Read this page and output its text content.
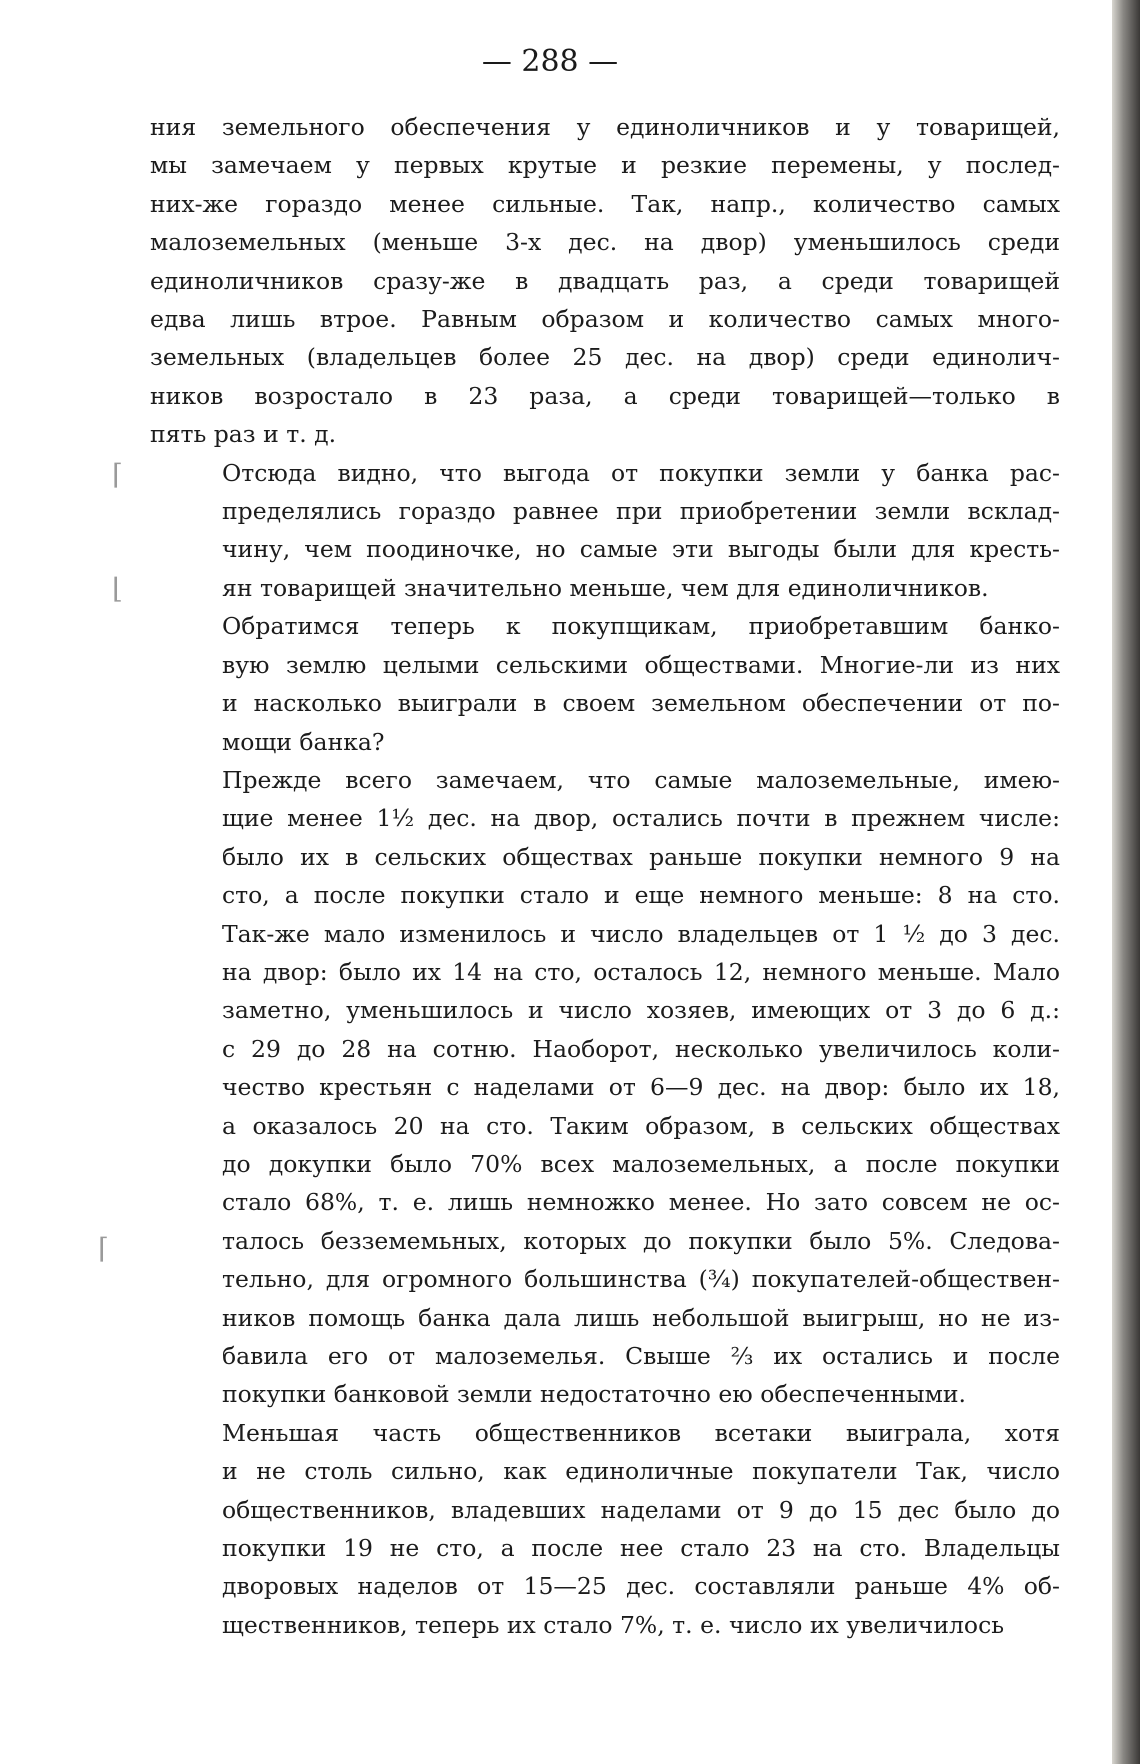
— 288 —
ния земельного обеспечения у единоличников и у товарищей,
мы замечаем у первых крутые и резкие перемены, у послед-
них-же гораздо менее сильные. Так, напр., количество самых
малоземельных (меньше 3-х дес. на двор) уменьшилось среди
единоличников сразу-же в двадцать раз, а среди товарищей
едва лишь втрое. Равным образом и количество самых много-
земельных (владельцев более 25 дес. на двор) среди единолич-
ников возростало в 23 раза, а среди товарищей—только в
пять раз и т. д.
Отсюда видно, что выгода от покупки земли у банка рас-
пределялись гораздо равнее при приобретении земли всклад-
чину, чем поодиночке, но самые эти выгоды были для кресть-
ян товарищей значительно меньше, чем для единоличников.
Обратимся теперь к покупщикам, приобретавшим банко-
вую землю целыми сельскими обществами. Многие-ли из них
и насколько выиграли в своем земельном обеспечении от по-
мощи банка?
Прежде всего замечаем, что самые малоземельные, имею-
щие менее 1½ дес. на двор, остались почти в прежнем числе:
было их в сельских обществах раньше покупки немного 9 на
сто, а после покупки стало и еще немного меньше: 8 на сто.
Так-же мало изменилось и число владельцев от 1 ½ до 3 дес.
на двор: было их 14 на сто, осталось 12, немного меньше. Мало
заметно, уменьшилось и число хозяев, имеющих от 3 до 6 д.:
с 29 до 28 на сотню. Наоборот, несколько увеличилось коли-
чество крестьян с наделами от 6—9 дес. на двор: было их 18,
а оказалось 20 на сто. Таким образом, в сельских обществах
до докупки было 70% всех малоземельных, а после покупки
стало 68%, т. е. лишь немножко менее. Но зато совсем не ос-
талось безземемьных, которых до покупки было 5%. Следова-
тельно, для огромного большинства (¾) покупателей-обществен-
ников помощь банка дала лишь небольшой выигрыш, но не из-
бавила его от малоземелья. Свыше ⅔ их остались и после
покупки банковой земли недостаточно ею обеспеченными.
Меньшая часть общественников всетаки выиграла, хотя
и не столь сильно, как единоличные покупатели Так, число
общественников, владевших наделами от 9 до 15 дес было до
покупки 19 не сто, а после нее стало 23 на сто. Владельцы
дворовых наделов от 15—25 дес. составляли раньше 4% об-
щественников, теперь их стало 7%, т. е. число их увеличилось
⌈
⌊
⌈
